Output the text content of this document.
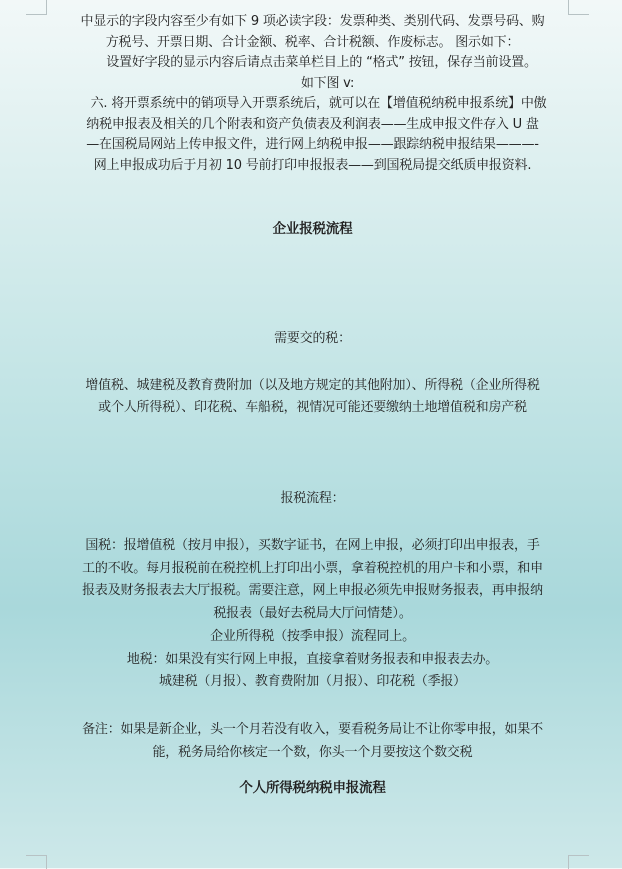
中显示的字段内容至少有如下 9 项必读字段：发票种类、类别代码、发票号码、购
方税号、开票日期、合计金额、税率、合计税额、作废标志。 图示如下：
设置好字段的显示内容后请点击菜单栏目上的 “格式” 按钮，保存当前设置。
如下图 v:
六. 将开票系统中的销项导入开票系统后，就可以在【增值税纳税申报系统】中傲
纳税申报表及相关的几个附表和资产负债表及利润表——生成申报文件存入 U 盘
—在国税局网站上传申报文件，进行网上纳税申报——跟踪纳税申报结果———-
网上申报成功后于月初 10 号前打印申报报表——到国税局提交纸质申报资料.
企业报税流程
需要交的税：
增值税、城建税及教育费附加（以及地方规定的其他附加）、所得税（企业所得税
或个人所得税）、印花税、车船税，视情况可能还要缴纳土地增值税和房产税
报税流程：
国税：报增值税（按月申报），买数字证书，在网上申报，必须打印出申报表，手
工的不收。每月报税前在税控机上打印出小票，拿着税控机的用户卡和小票，和申
报表及财务报表去大厅报税。需要注意，网上申报必须先申报财务报表，再申报纳
税报表（最好去税局大厅问情楚）。
企业所得税（按季申报）流程同上。
地税：如果没有实行网上申报，直接拿着财务报表和申报表去办。
城建税（月报）、教育费附加（月报）、印花税（季报）
备注：如果是新企业，头一个月若没有收入，要看税务局让不让你零申报，如果不
能，税务局给你核定一个数，你头一个月要按这个数交税
个人所得税纳税申报流程
